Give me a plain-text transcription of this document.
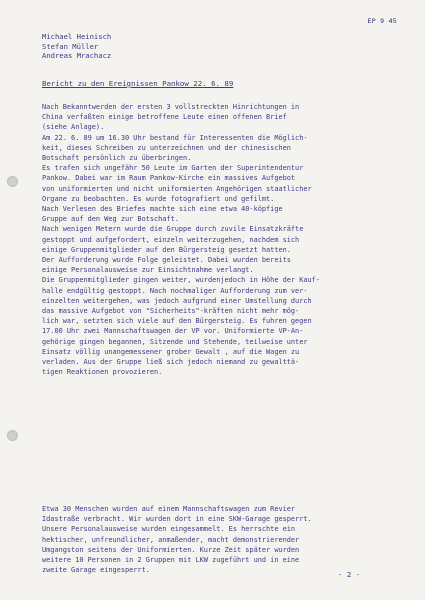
EP 9 45
Michael Heinisch
Stefan Müller
Andreas Mrachacz
Bericht zu den Ereignissen Pankow 22. 6. 89
Nach Bekanntwerden der ersten 3 vollstreckten Hinrichtungen in
China verfaßten einige betroffene Leute einen offenen Brief
(siehe Anlage).
Am 22. 6. 89 um 16.30 Uhr bestand für Interessenten die Möglich-
keit, dieses Schreiben zu unterzeichnen und der chinesischen
Botschaft persönlich zu überbringen.
Es trafen sich ungefähr 50 Leute im Garten der Superintendentur
Pankow. Dabei war im Raum Pankow-Kirche ein massives Aufgebot
von uniformierten und nicht uniformierten Angehörigen staatlicher
Organe zu beobachten. Es wurde fotografiert und gefilmt.
Nach Verlesen des Briefes machte sich eine etwa 40-köpfige
Gruppe auf den Weg zur Botschaft.
Nach wenigen Metern wurde die Gruppe durch zuvile Einsatzkräfte
gestoppt und aufgefordert, einzeln weiterzugehen, nachdem sich
einige Gruppenmitglieder auf den Bürgersteig gesetzt hatten.
Der Aufforderung wurde Folge geleistet. Dabei wurden bereits
einige Personalausweise zur Einsichtnahme verlangt.
Die Gruppenmitglieder gingen weiter, wurdenjedoch in Höhe der Kauf-
halle endgültig gestoppt. Nach nochmaliger Aufforderung zum ver-
einzelten weitergehen, was jedoch aufgrund einer Umstellung durch
das massive Aufgebot von "Sicherheits"-kräften nicht mehr mög-
lich war, setzten sich viele auf den Bürgersteig. Es fuhren gegen
17.00 Uhr zwei Mannschaftswagen der VP vor. Uniformierte VP-An-
gehörige gingen begannen, Sitzende und Stehende, teilweise unter
Einsatz völlig unangemessener grober Gewalt , auf die Wagen zu
verladen. Aus der Gruppe ließ sich jedoch niemand zu gewalttä-
tigen Reaktionen provozieren.
Etwa 30 Menschen wurden auf einem Mannschaftswagen zum Revier
Idastraße verbracht. Wir wurden dort in eine SKW-Garage gesperrt.
Unsere Personalausweise wurden eingesammelt. Es herrschte ein
hektischer, unfreundlicher, anmaßender, macht demonstrierender
Umgangston seitens der Uniformierten. Kurze Zeit später wurden
weitere 10 Personen in 2 Gruppen mit LKW zugeführt und in eine
zweite Garage eingesperrt.	- 2 -
